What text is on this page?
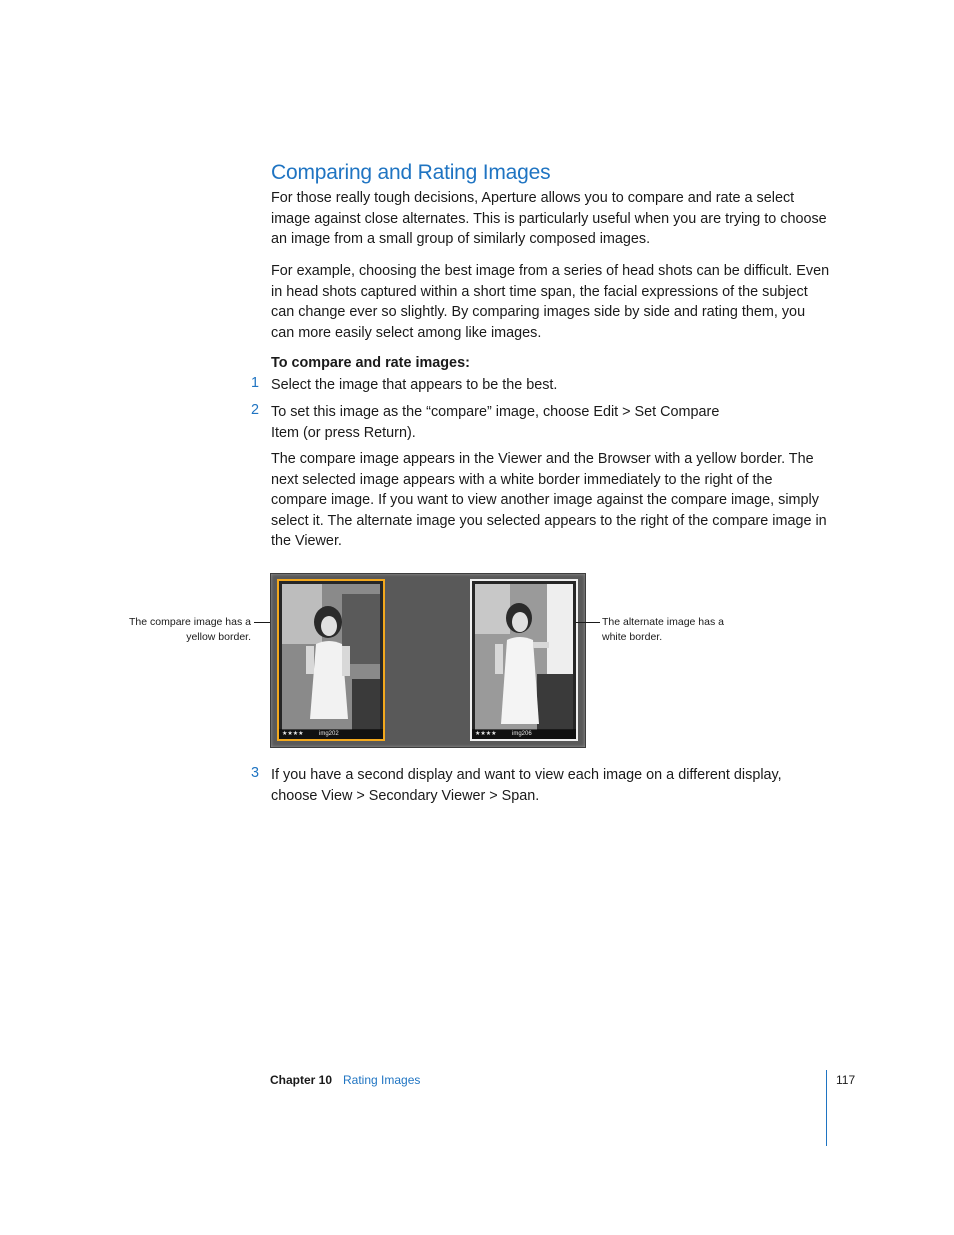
Comparing and Rating Images
For those really tough decisions, Aperture allows you to compare and rate a select image against close alternates. This is particularly useful when you are trying to choose an image from a small group of similarly composed images.
For example, choosing the best image from a series of head shots can be difficult. Even in head shots captured within a short time span, the facial expressions of the subject can change ever so slightly. By comparing images side by side and rating them, you can more easily select among like images.
To compare and rate images:
1 Select the image that appears to be the best.
2 To set this image as the “compare” image, choose Edit > Set Compare Item (or press Return).
The compare image appears in the Viewer and the Browser with a yellow border. The next selected image appears with a white border immediately to the right of the compare image. If you want to view another image against the compare image, simply select it. The alternate image you selected appears to the right of the compare image in the Viewer.
The compare image has a yellow border.
★★★★	img202	★★★★	img206
The alternate image has a white border.
3 If you have a second display and want to view each image on a different display, choose View > Secondary Viewer > Span.
Chapter 10 Rating Images	117
